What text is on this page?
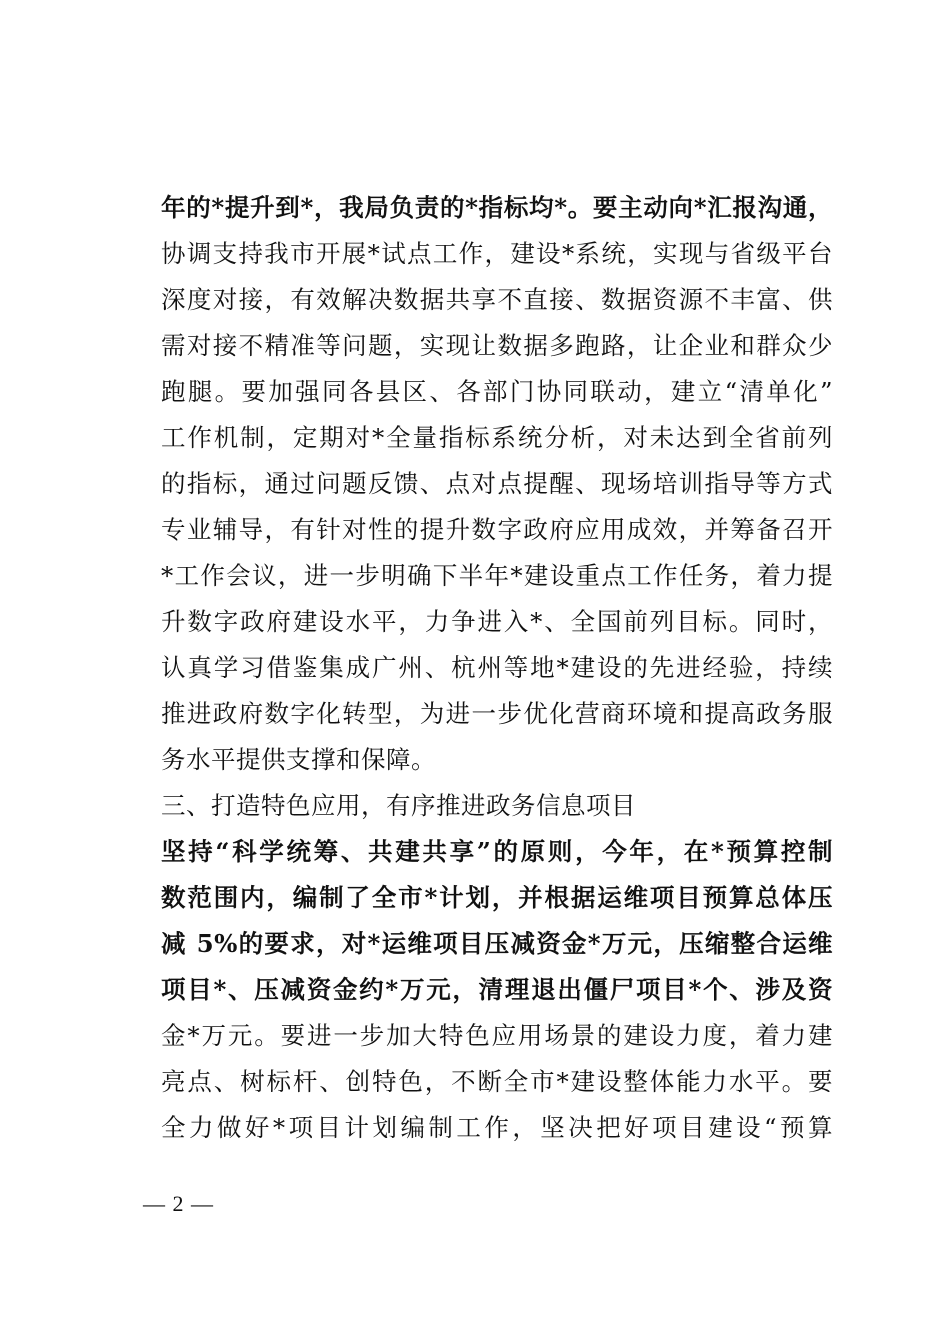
年的*提升到*，我局负责的*指标均*。要主动向*汇报沟通，
协调支持我市开展*试点工作，建设*系统，实现与省级平台
深度对接，有效解决数据共享不直接、数据资源不丰富、供
需对接不精准等问题，实现让数据多跑路，让企业和群众少
跑腿。要加强同各县区、各部门协同联动，建立“清单化”
工作机制，定期对*全量指标系统分析，对未达到全省前列
的指标，通过问题反馈、点对点提醒、现场培训指导等方式
专业辅导，有针对性的提升数字政府应用成效，并筹备召开
*工作会议，进一步明确下半年*建设重点工作任务，着力提
升数字政府建设水平，力争进入*、全国前列目标。同时，
认真学习借鉴集成广州、杭州等地*建设的先进经验，持续
推进政府数字化转型，为进一步优化营商环境和提高政务服
务水平提供支撑和保障。
三、打造特色应用，有序推进政务信息项目
坚持“科学统筹、共建共享”的原则，今年，在*预算控制
数范围内，编制了全市*计划，并根据运维项目预算总体压
减 5%的要求，对*运维项目压减资金*万元，压缩整合运维
项目*、压减资金约*万元，清理退出僵尸项目*个、涉及资
金*万元。要进一步加大特色应用场景的建设力度，着力建
亮点、树标杆、创特色，不断全市*建设整体能力水平。要
全力做好*项目计划编制工作，坚决把好项目建设“预算
— 2 —
